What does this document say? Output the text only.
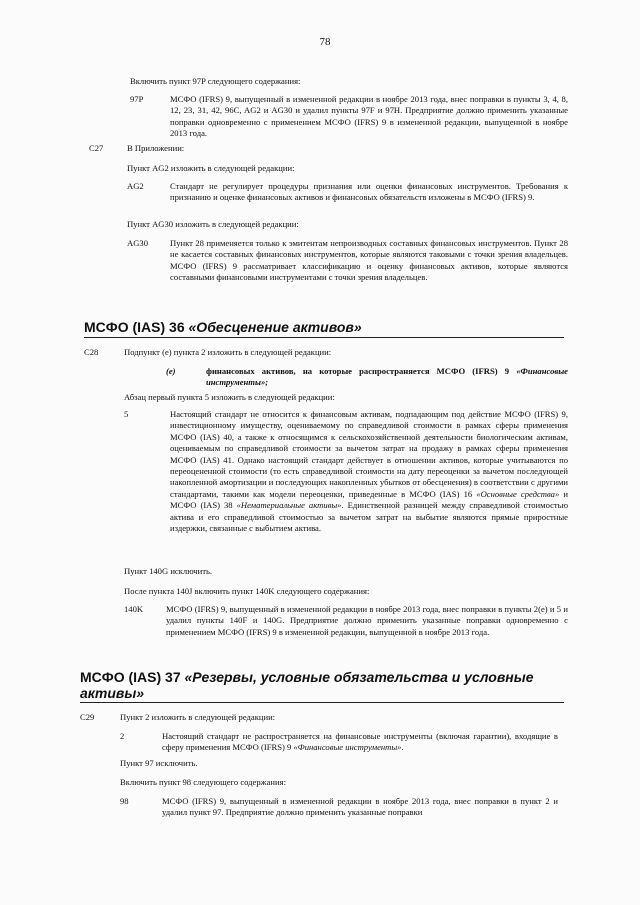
78
Включить пункт 97P следующего содержания:
97P	МСФО (IFRS) 9, выпущенный в измененной редакции в ноябре 2013 года, внес поправки в пункты 3, 4, 8, 12, 23, 31, 42, 96C, AG2 и AG30 и удалил пункты 97F и 97H. Предприятие должно применить указанные поправки одновременно с применением МСФО (IFRS) 9 в измененной редакции, выпущенной в ноябре 2013 года.
C27	В Приложении:
Пункт AG2 изложить в следующей редакции:
AG2	Стандарт не регулирует процедуры признания или оценки финансовых инструментов. Требования к признанию и оценке финансовых активов и финансовых обязательств изложены в МСФО (IFRS) 9.
Пункт AG30 изложить в следующей редакции:
AG30	Пункт 28 применяется только к эмитентам непроизводных составных финансовых инструментов. Пункт 28 не касается составных финансовых инструментов, которые являются таковыми с точки зрения владельцев. МСФО (IFRS) 9 рассматривает классификацию и оценку финансовых активов, которые являются составными финансовыми инструментами с точки зрения владельцев.
МСФО (IAS) 36 «Обесценение активов»
C28	Подпункт (е) пункта 2 изложить в следующей редакции:
(е)	финансовых активов, на которые распространяется МСФО (IFRS) 9 «Финансовые инструменты»;
Абзац первый пункта 5 изложить в следующей редакции:
5	Настоящий стандарт не относится к финансовым активам, подпадающим под действие МСФО (IFRS) 9, инвестиционному имуществу, оцениваемому по справедливой стоимости в рамках сферы применения МСФО (IAS) 40, а также к относящимся к сельскохозяйственной деятельности биологическим активам, оцениваемым по справедливой стоимости за вычетом затрат на продажу в рамках сферы применения МСФО (IAS) 41. Однако настоящий стандарт действует в отношении активов, которые учитываются по переоцененной стоимости (то есть справедливой стоимости на дату переоценки за вычетом последующей накопленной амортизации и последующих накопленных убытков от обесценения) в соответствии с другими стандартами, такими как модели переоценки, приведенные в МСФО (IAS) 16 «Основные средства» и МСФО (IAS) 38 «Нематериальные активы». Единственной разницей между справедливой стоимостью актива и его справедливой стоимостью за вычетом затрат на выбытие являются прямые приростные издержки, связанные с выбытием актива.
Пункт 140G исключить.
После пункта 140J включить пункт 140K следующего содержания:
140K	МСФО (IFRS) 9, выпущенный в измененной редакции в ноябре 2013 года, внес поправки в пункты 2(е) и 5 и удалил пункты 140F и 140G. Предприятие должно применить указанные поправки одновременно с применением МСФО (IFRS) 9 в измененной редакции, выпущенной в ноябре 2013 года.
МСФО (IAS) 37 «Резервы, условные обязательства и условные активы»
C29	Пункт 2 изложить в следующей редакции:
2	Настоящий стандарт не распространяется на финансовые инструменты (включая гарантии), входящие в сферу применения МСФО (IFRS) 9 «Финансовые инструменты».
Пункт 97 исключить.
Включить пункт 98 следующего содержания:
98	МСФО (IFRS) 9, выпущенный в измененной редакции в ноябре 2013 года, внес поправки в пункт 2 и удалил пункт 97. Предприятие должно применить указанные поправки
